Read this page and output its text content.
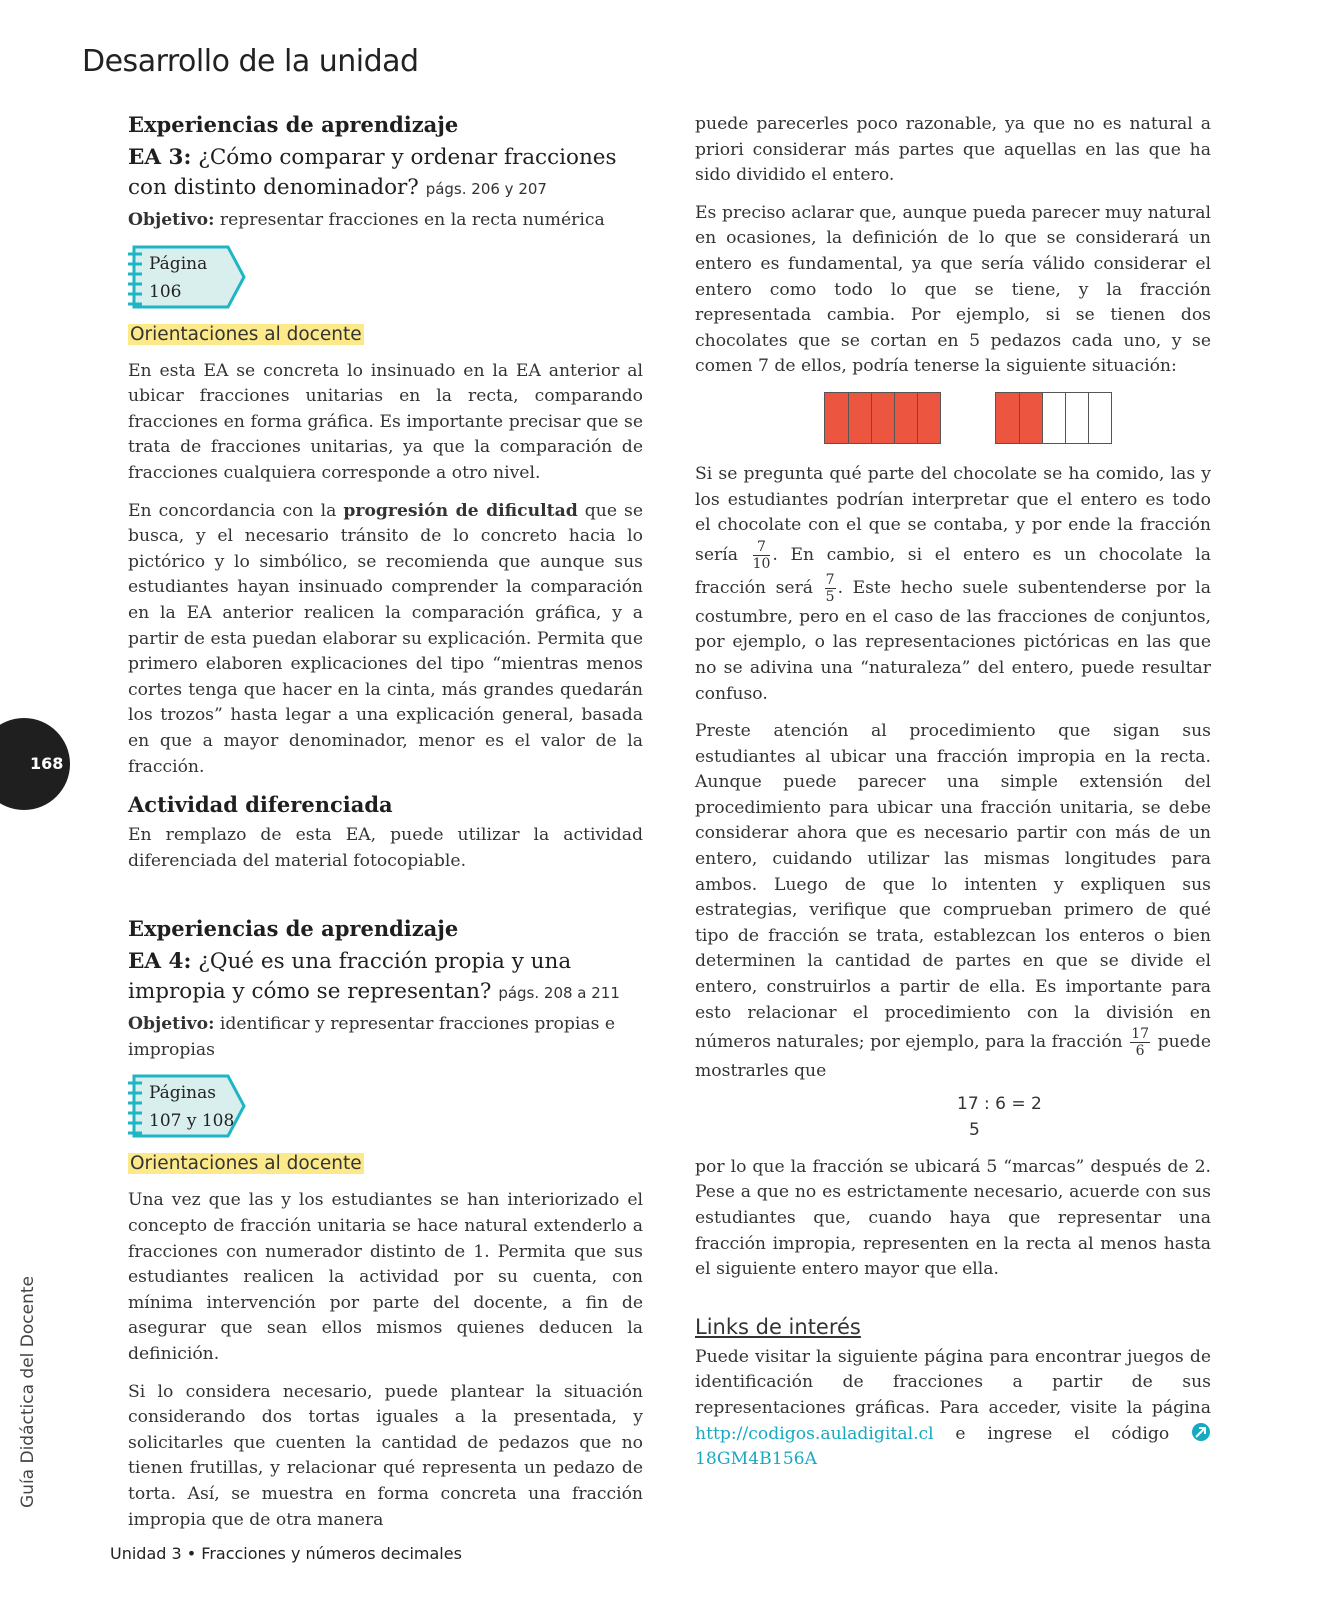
Desarrollo de la unidad
Experiencias de aprendizaje
EA 3: ¿Cómo comparar y ordenar fracciones con distinto denominador? págs. 206 y 207
Objetivo: representar fracciones en la recta numérica
Página
106
Orientaciones al docente

En esta EA se concreta lo insinuado en la EA anterior al ubicar fracciones unitarias en la recta, comparando fracciones en forma gráfica. Es importante precisar que se trata de fracciones unitarias, ya que la comparación de fracciones cualquiera corresponde a otro nivel.

En concordancia con la progresión de dificultad que se busca, y el necesario tránsito de lo concreto hacia lo pictórico y lo simbólico, se recomienda que aunque sus estudiantes hayan insinuado comprender la comparación en la EA anterior realicen la comparación gráfica, y a partir de esta puedan elaborar su explicación. Permita que primero elaboren explicaciones del tipo “mientras menos cortes tenga que hacer en la cinta, más grandes quedarán los trozos” hasta legar a una explicación general, basada en que a mayor denominador, menor es el valor de la fracción.

Actividad diferenciada

En remplazo de esta EA, puede utilizar la actividad diferenciada del material fotocopiable.

Experiencias de aprendizaje
EA 4: ¿Qué es una fracción propia y una impropia y cómo se representan? págs. 208 a 211
Objetivo: identificar y representar fracciones propias e impropias
Páginas
107 y 108
Orientaciones al docente

Una vez que las y los estudiantes se han interiorizado el concepto de fracción unitaria se hace natural extenderlo a fracciones con numerador distinto de 1. Permita que sus estudiantes realicen la actividad por su cuenta, con mínima intervención por parte del docente, a fin de asegurar que sean ellos mismos quienes deducen la definición.

Si lo considera necesario, puede plantear la situación considerando dos tortas iguales a la presentada, y solicitarles que cuenten la cantidad de pedazos que no tienen frutillas, y relacionar qué representa un pedazo de torta. Así, se muestra en forma concreta una fracción impropia que de otra manera

puede parecerles poco razonable, ya que no es natural a priori considerar más partes que aquellas en las que ha sido dividido el entero.

Es preciso aclarar que, aunque pueda parecer muy natural en ocasiones, la definición de lo que se considerará un entero es fundamental, ya que sería válido considerar el entero como todo lo que se tiene, y la fracción representada cambia. Por ejemplo, si se tienen dos chocolates que se cortan en 5 pedazos cada uno, y se comen 7 de ellos, podría tenerse la siguiente situación:

Si se pregunta qué parte del chocolate se ha comido, las y los estudiantes podrían interpretar que el entero es todo el chocolate con el que se contaba, y por ende la fracción sería $\frac{7}{10}$ . En cambio, si el entero es un chocolate la fracción será $\frac{7}{5}$ . Este hecho suele subentenderse por la costumbre, pero en el caso de las fracciones de conjuntos, por ejemplo, o las representaciones pictóricas en las que no se adivina una “naturaleza” del entero, puede resultar confuso.

Preste atención al procedimiento que sigan sus estudiantes al ubicar una fracción impropia en la recta. Aunque puede parecer una simple extensión del procedimiento para ubicar una fracción unitaria, se debe considerar ahora que es necesario partir con más de un entero, cuidando utilizar las mismas longitudes para ambos. Luego de que lo intenten y expliquen sus estrategias, verifique que comprueban primero de qué tipo de fracción se trata, establezcan los enteros o bien determinen la cantidad de partes en que se divide el entero, construirlos a partir de ella. Es importante para esto relacionar el procedimiento con la división en números naturales; por ejemplo, para la fracción $\frac{17}{6}$ puede mostrarles que

17 : 6 = 2
5

por lo que la fracción se ubicará 5 “marcas” después de 2. Pese a que no es estrictamente necesario, acuerde con sus estudiantes que, cuando haya que representar una fracción impropia, representen en la recta al menos hasta el siguiente entero mayor que ella.

Links de interés

Puede visitar la siguiente página para encontrar juegos de identificación de fracciones a partir de sus representaciones gráficas. Para acceder, visite la página http://codigos.auladigital.cl e ingrese el código 18GM4B156A

168
Guía Didáctica del Docente
Unidad 3 • Fracciones y números decimales
